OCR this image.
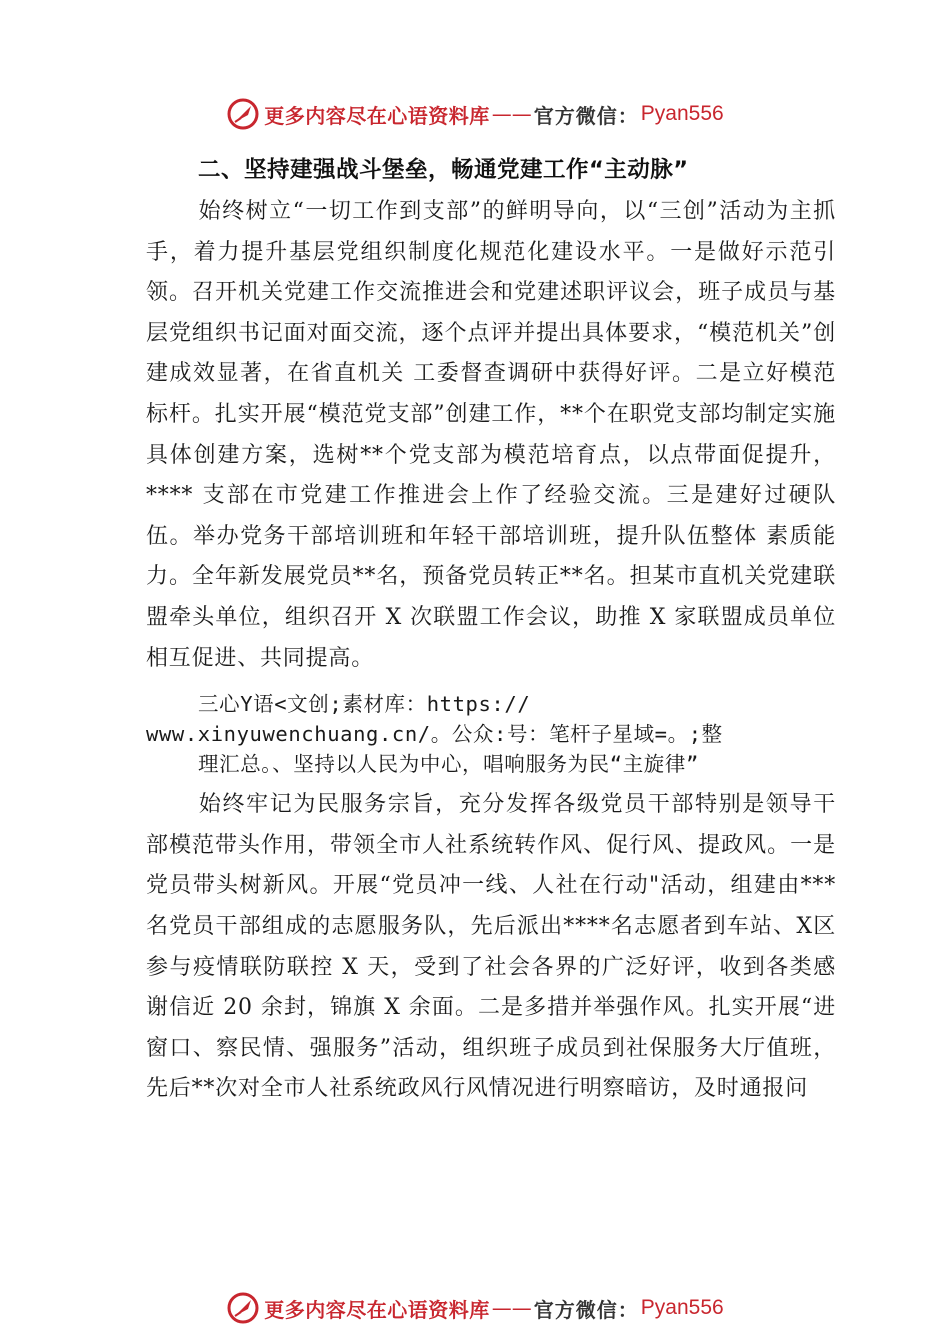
更多内容尽在心语资料库 —— 官方微信： Pyan556
二、坚持建强战斗堡垒，畅通党建工作“主动脉”

始终树立“一切工作到支部”的鲜明导向，以“三创”活动为主抓手，着力提升基层党组织制度化规范化建设水平。一是做好示范引领。召开机关党建工作交流推进会和党建述职评议会，班子成员与基层党组织书记面对面交流，逐个点评并提出具体要求，“模范机关”创建成效显著，在省直机关 工委督查调研中获得好评。二是立好模范标杆。扎实开展“模范党支部”创建工作，**个在职党支部均制定实施具体创建方案，选树**个党支部为模范培育点，以点带面促提升，**** 支部在市党建工作推进会上作了经验交流。三是建好过硬队 伍。举办党务干部培训班和年轻干部培训班，提升队伍整体 素质能力。全年新发展党员**名，预备党员转正**名。担某市直机关党建联盟牵头单位，组织召开 X 次联盟工作会议，助推 X 家联盟成员单位相互促进、共同提高。

三心Y语<文创;素材库：https://
www.xinyuwenchuang.cn/。公众:号：笔杆子星域=。;整
理汇总。、坚持以人民为中心，唱响服务为民“主旋律”

始终牢记为民服务宗旨，充分发挥各级党员干部特别是领导干部模范带头作用，带领全市人社系统转作风、促行风、提政风。一是党员带头树新风。开展“党员冲一线、人社在行动"活动，组建由***名党员干部组成的志愿服务队，先后派出****名志愿者到车站、X区参与疫情联防联控 X 天，受到了社会各界的广泛好评，收到各类感谢信近 20 余封，锦旗 X 余面。二是多措并举强作风。扎实开展“进窗口、察民情、强服务”活动，组织班子成员到社保服务大厅值班，先后**次对全市人社系统政风行风情况进行明察暗访，及时通报问

更多内容尽在心语资料库 —— 官方微信： Pyan556
